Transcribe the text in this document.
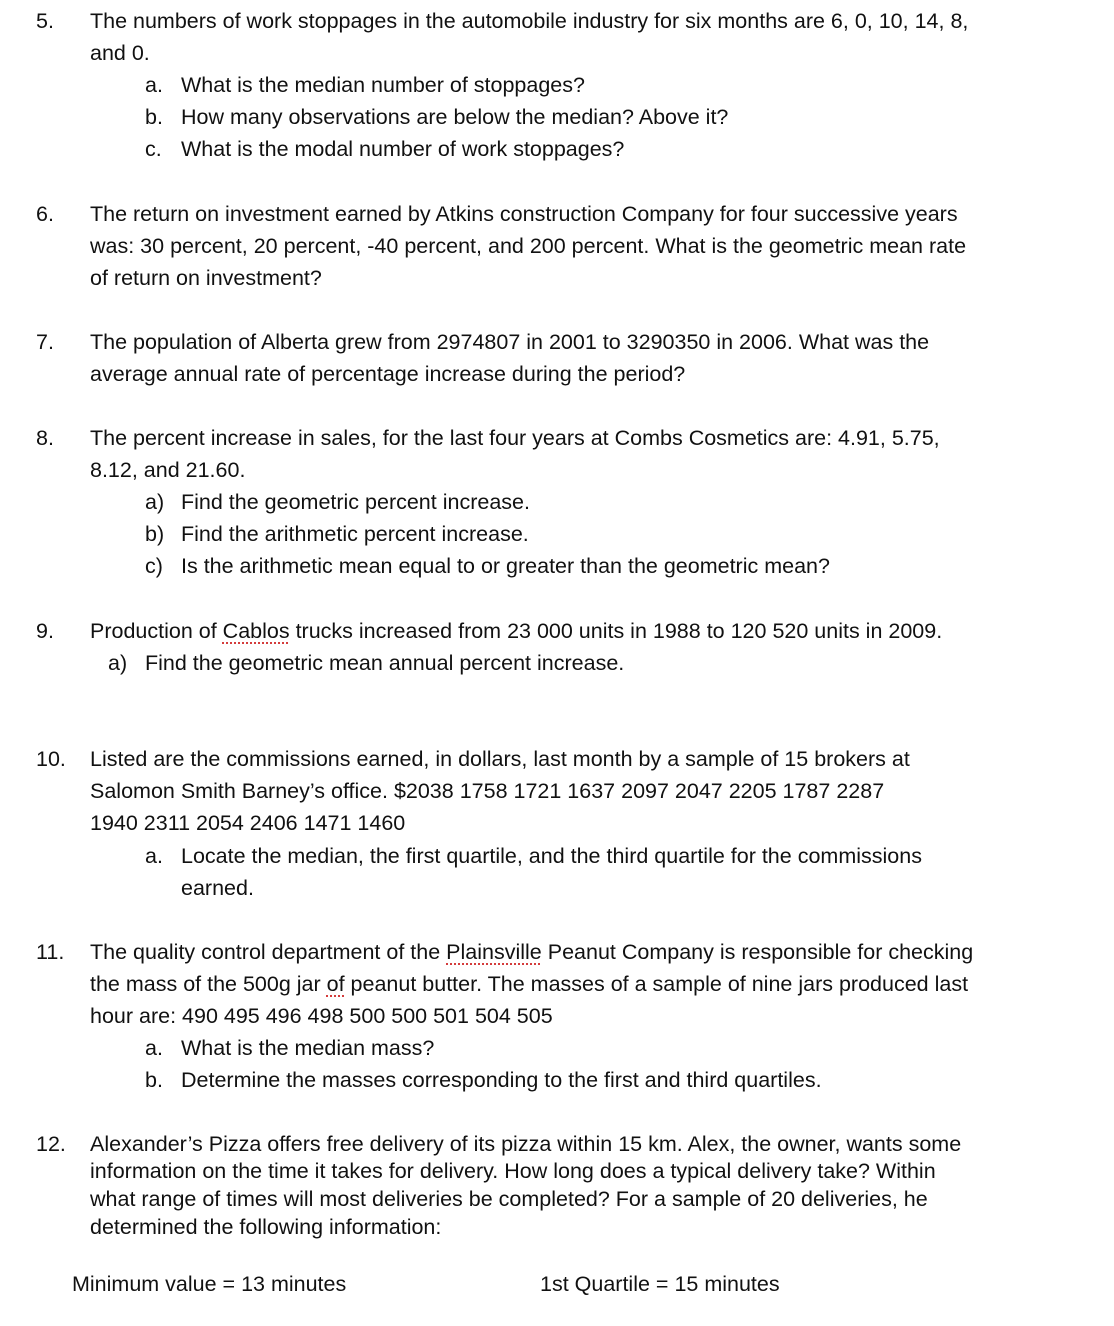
5. The numbers of work stoppages in the automobile industry for six months are 6, 0, 10, 14, 8,
and 0.
a. What is the median number of stoppages?
b. How many observations are below the median? Above it?
c. What is the modal number of work stoppages?
6. The return on investment earned by Atkins construction Company for four successive years
was: 30 percent, 20 percent, -40 percent, and 200 percent. What is the geometric mean rate
of return on investment?
7. The population of Alberta grew from 2974807 in 2001 to 3290350 in 2006. What was the
average annual rate of percentage increase during the period?
8. The percent increase in sales, for the last four years at Combs Cosmetics are: 4.91, 5.75,
8.12, and 21.60.
a) Find the geometric percent increase.
b) Find the arithmetic percent increase.
c) Is the arithmetic mean equal to or greater than the geometric mean?
9. Production of Cablos trucks increased from 23 000 units in 1988 to 120 520 units in 2009.
a) Find the geometric mean annual percent increase.
10. Listed are the commissions earned, in dollars, last month by a sample of 15 brokers at
Salomon Smith Barney’s office. $2038 1758 1721 1637 2097 2047 2205 1787 2287
1940 2311 2054 2406 1471 1460
a. Locate the median, the first quartile, and the third quartile for the commissions
earned.
11. The quality control department of the Plainsville Peanut Company is responsible for checking
the mass of the 500g jar of peanut butter. The masses of a sample of nine jars produced last
hour are: 490 495 496 498 500 500 501 504 505
a. What is the median mass?
b. Determine the masses corresponding to the first and third quartiles.
12. Alexander’s Pizza offers free delivery of its pizza within 15 km. Alex, the owner, wants some
information on the time it takes for delivery. How long does a typical delivery take? Within
what range of times will most deliveries be completed? For a sample of 20 deliveries, he
determined the following information:
Minimum value = 13 minutes	1st Quartile = 15 minutes
